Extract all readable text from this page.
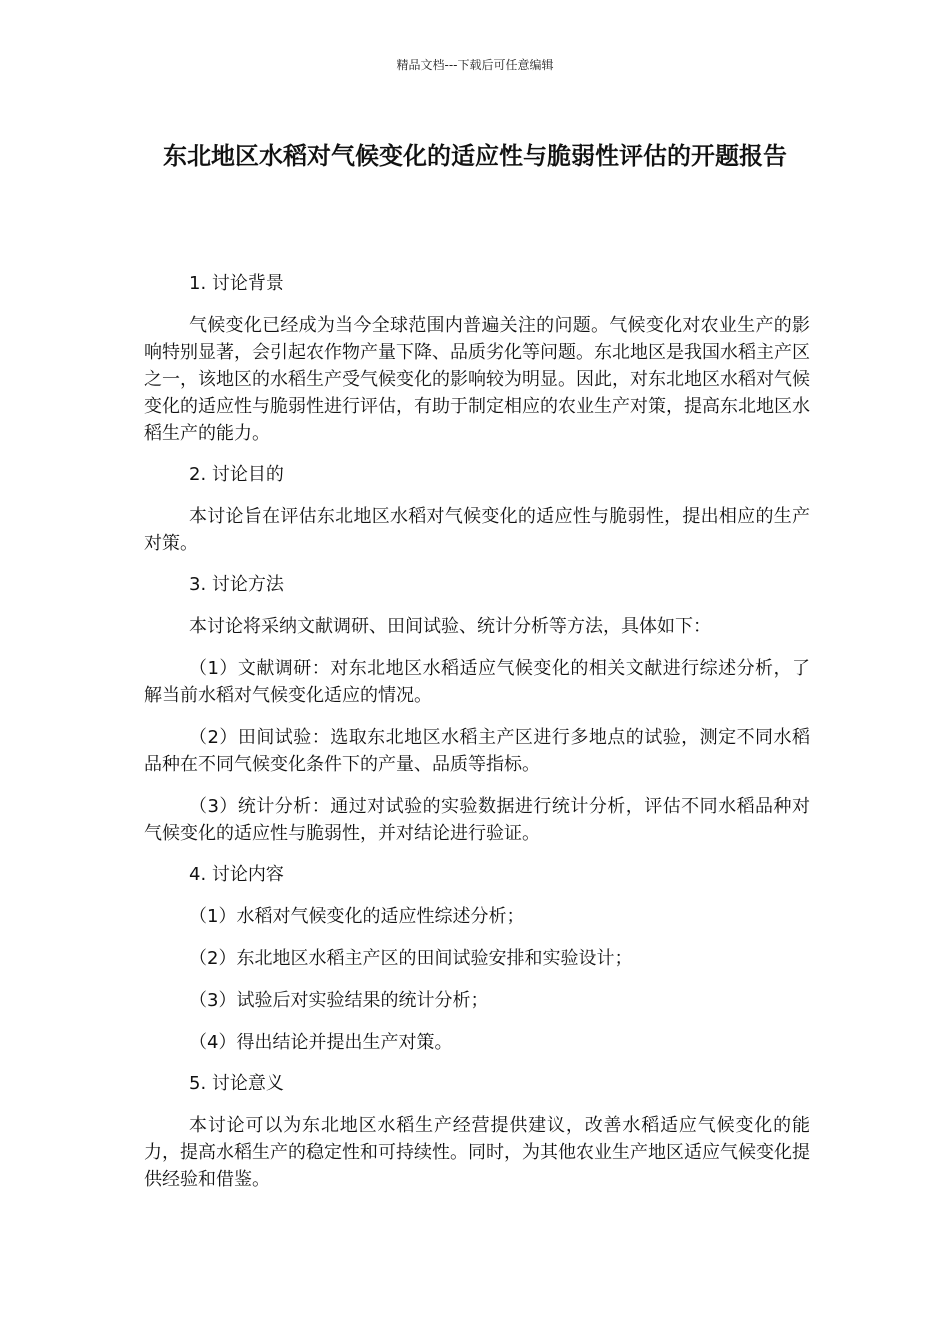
精品文档---下载后可任意编辑
东北地区水稻对气候变化的适应性与脆弱性评估的开题报告

1. 讨论背景

气候变化已经成为当今全球范围内普遍关注的问题。气候变化对农业生产的影响特别显著，会引起农作物产量下降、品质劣化等问题。东北地区是我国水稻主产区之一，该地区的水稻生产受气候变化的影响较为明显。因此，对东北地区水稻对气候变化的适应性与脆弱性进行评估，有助于制定相应的农业生产对策，提高东北地区水稻生产的能力。

2. 讨论目的

本讨论旨在评估东北地区水稻对气候变化的适应性与脆弱性，提出相应的生产对策。

3. 讨论方法

本讨论将采纳文献调研、田间试验、统计分析等方法，具体如下：

（1）文献调研：对东北地区水稻适应气候变化的相关文献进行综述分析，了解当前水稻对气候变化适应的情况。

（2）田间试验：选取东北地区水稻主产区进行多地点的试验，测定不同水稻品种在不同气候变化条件下的产量、品质等指标。

（3）统计分析：通过对试验的实验数据进行统计分析，评估不同水稻品种对气候变化的适应性与脆弱性，并对结论进行验证。

4. 讨论内容

（1）水稻对气候变化的适应性综述分析；

（2）东北地区水稻主产区的田间试验安排和实验设计；

（3）试验后对实验结果的统计分析；

（4）得出结论并提出生产对策。

5. 讨论意义

本讨论可以为东北地区水稻生产经营提供建议，改善水稻适应气候变化的能力，提高水稻生产的稳定性和可持续性。同时，为其他农业生产地区适应气候变化提供经验和借鉴。
